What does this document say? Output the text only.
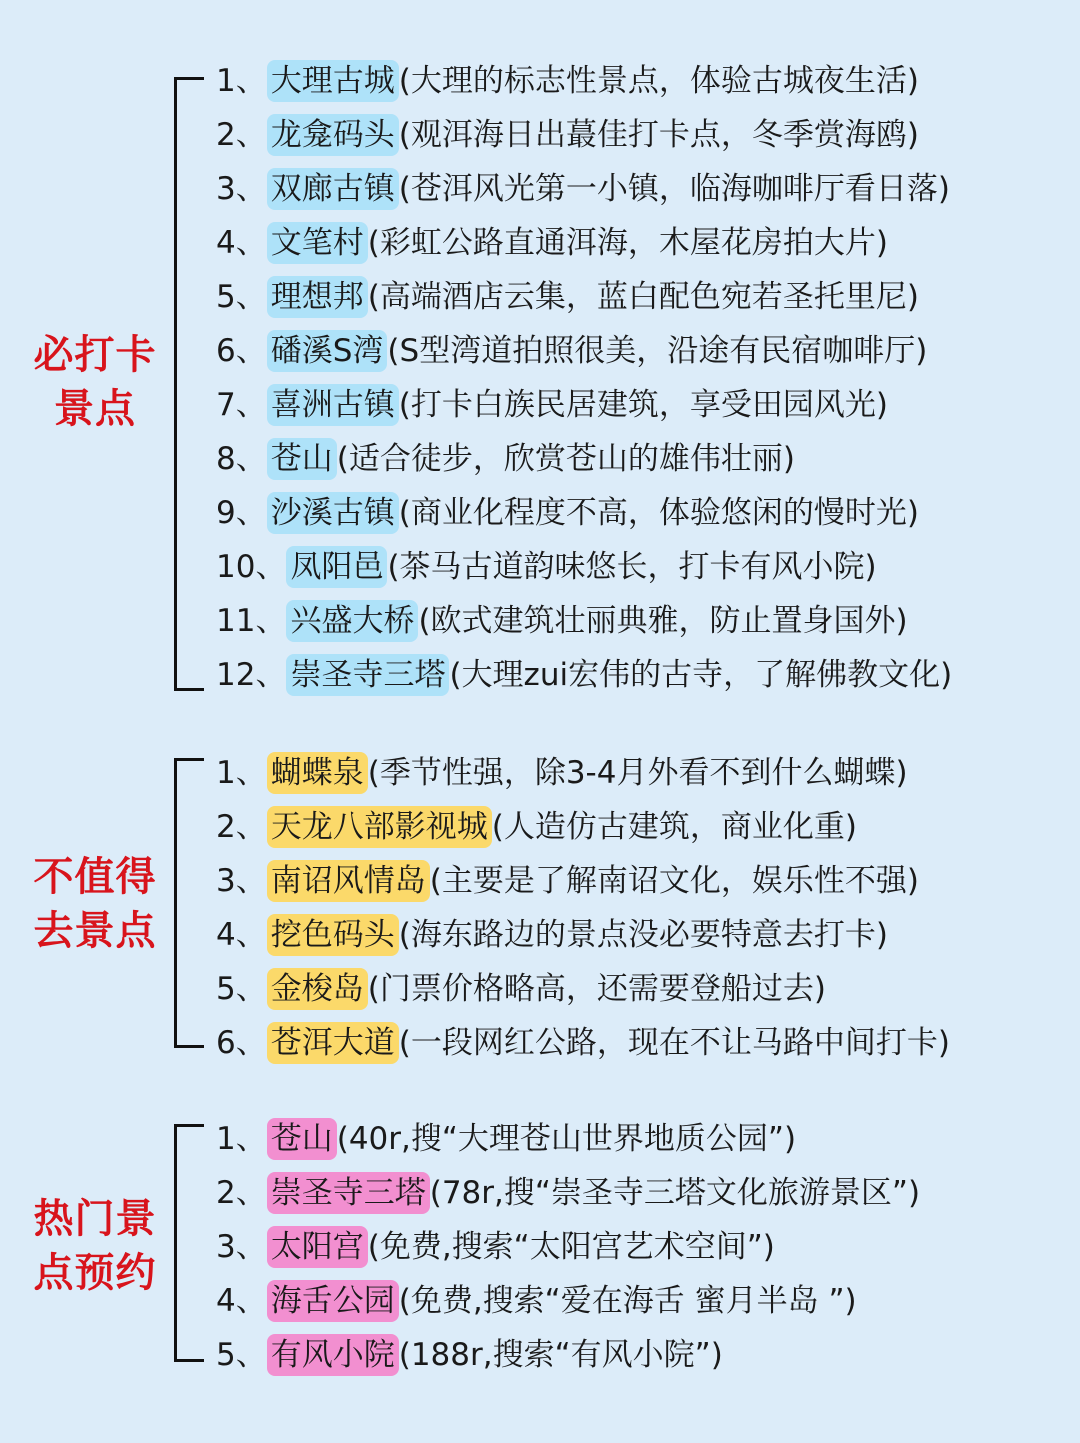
必打卡
景点
1、 大理古城 (大理的标志性景点，体验古城夜生活)
2、 龙龛码头 (观洱海日出蕞佳打卡点，冬季赏海鸥)
3、 双廊古镇 (苍洱风光第一小镇，临海咖啡厅看日落)
4、 文笔村 (彩虹公路直通洱海，木屋花房拍大片)
5、 理想邦 (高端酒店云集，蓝白配色宛若圣托里尼)
6、 磻溪S湾 (S型湾道拍照很美，沿途有民宿咖啡厅)
7、 喜洲古镇 (打卡白族民居建筑，享受田园风光)
8、 苍山 (适合徒步，欣赏苍山的雄伟壮丽)
9、 沙溪古镇 (商业化程度不高，体验悠闲的慢时光)
10、 凤阳邑 (茶马古道韵味悠长，打卡有风小院)
11、 兴盛大桥 (欧式建筑壮丽典雅，防止置身国外)
12、 崇圣寺三塔 (大理zui宏伟的古寺，了解佛教文化)
不值得
去景点
1、 蝴蝶泉 (季节性强，除3-4月外看不到什么蝴蝶)
2、 天龙八部影视城 (人造仿古建筑，商业化重)
3、 南诏风情岛 (主要是了解南诏文化，娱乐性不强)
4、 挖色码头 (海东路边的景点没必要特意去打卡)
5、 金梭岛 (门票价格略高，还需要登船过去)
6、 苍洱大道 (一段网红公路，现在不让马路中间打卡)
热门景
点预约
1、 苍山 (40r,搜“大理苍山世界地质公园”)
2、 崇圣寺三塔 (78r,搜“崇圣寺三塔文化旅游景区”)
3、 太阳宫 (免费,搜索“太阳宫艺术空间”)
4、 海舌公园 (免费,搜索“爱在海舌 蜜月半岛 ”)
5、 有风小院 (188r,搜索“有风小院”)
